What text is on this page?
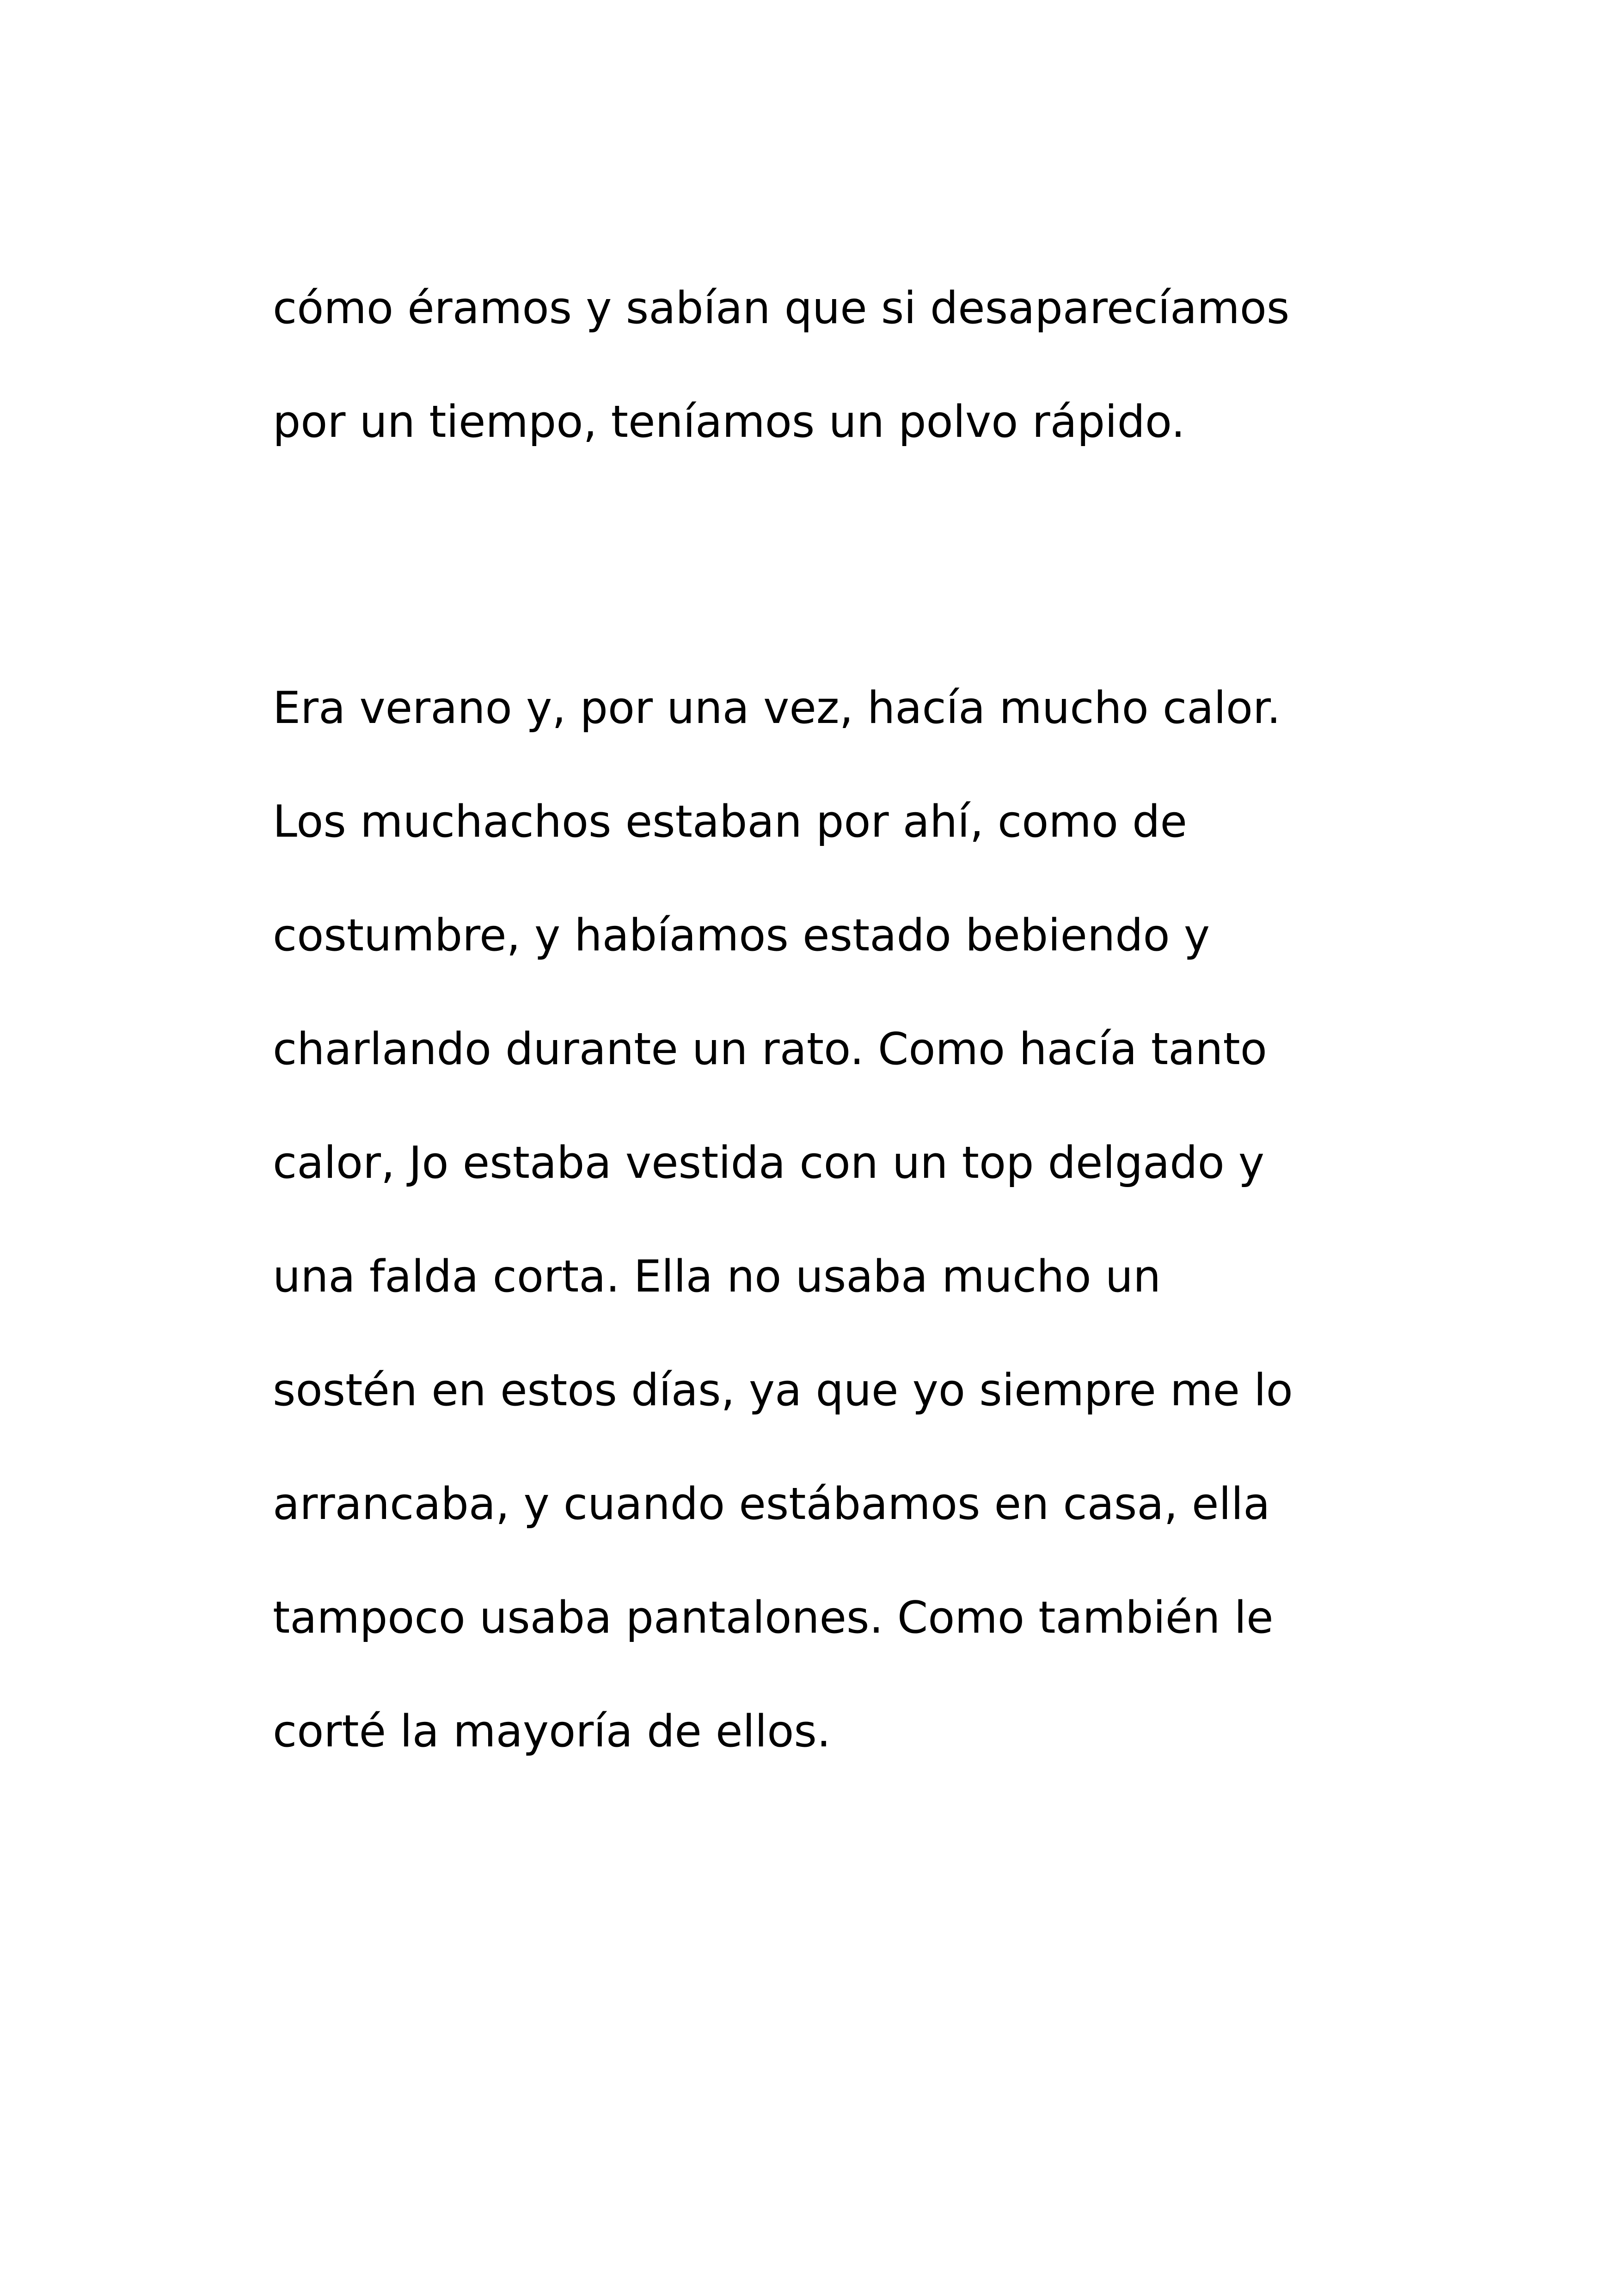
cómo éramos y sabían que si desaparecíamos

por un tiempo, teníamos un polvo rápido.

Era verano y, por una vez, hacía mucho calor.

Los muchachos estaban por ahí, como de

costumbre, y habíamos estado bebiendo y

charlando durante un rato. Como hacía tanto

calor, Jo estaba vestida con un top delgado y

una falda corta. Ella no usaba mucho un

sostén en estos días, ya que yo siempre me lo

arrancaba, y cuando estábamos en casa, ella

tampoco usaba pantalones. Como también le

corté la mayoría de ellos.
